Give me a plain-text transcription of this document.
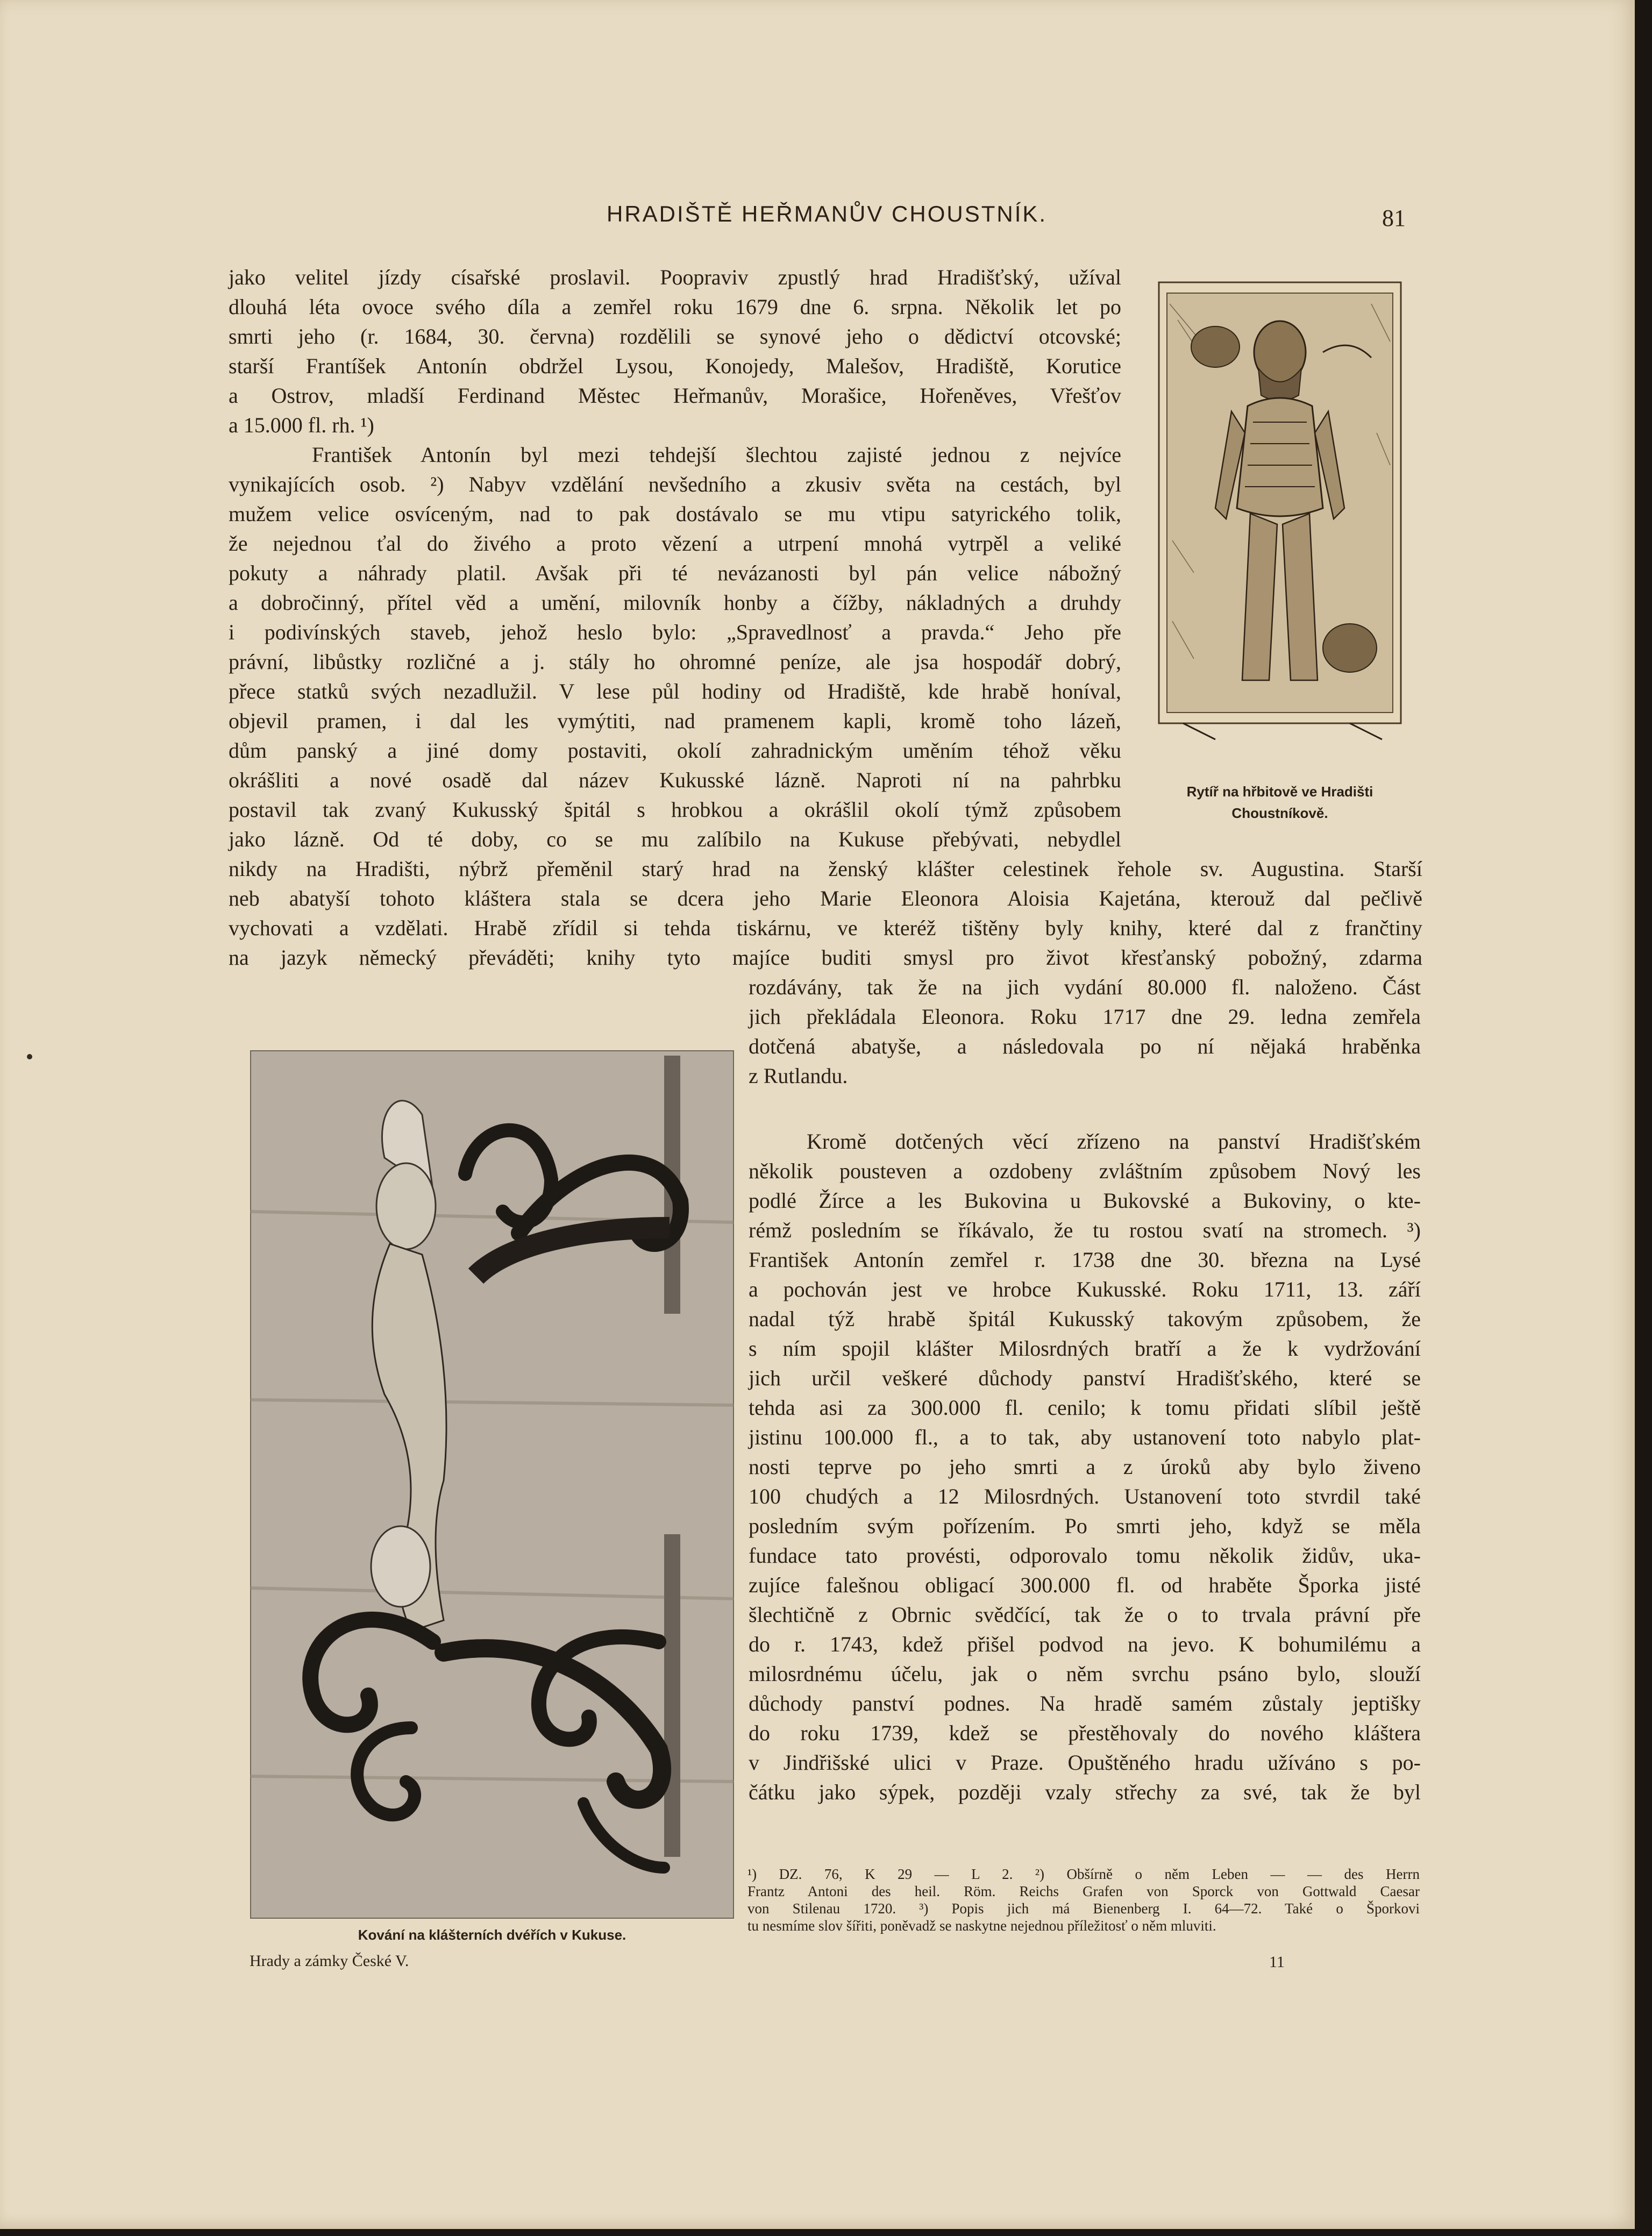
HRADIŠTĚ HEŘMANŮV CHOUSTNÍK.	81
jako velitel jízdy císařské proslavil. Poopraviv zpustlý hrad Hradišťský, užíval
dlouhá léta ovoce svého díla a zemřel roku 1679 dne 6. srpna. Několik let po
smrti jeho (r. 1684, 30. června) rozdělili se synové jeho o dědictví otcovské;
starší Frantíšek Antonín obdržel Lysou, Konojedy, Malešov, Hradiště, Korutice
a Ostrov, mladší Ferdinand Městec Heřmanův, Morašice, Hořeněves, Vřešťov
a 15.000 fl. rh. ¹)
František Antonín byl mezi tehdejší šlechtou zajisté jednou z nejvíce
vynikajících osob. ²) Nabyv vzdělání nevšedního a zkusiv světa na cestách, byl
mužem velice osvíceným, nad to pak dostávalo se mu vtipu satyrického tolik,
že nejednou ťal do živého a proto vězení a utrpení mnohá vytrpěl a veliké
pokuty a náhrady platil. Avšak při té nevázanosti byl pán velice nábožný
a dobročinný, přítel věd a umění, milovník honby a čížby, nákladných a druhdy
i podivínských staveb, jehož heslo bylo: „Spravedlnosť a pravda.“ Jeho pře
právní, libůstky rozličné a j. stály ho ohromné peníze, ale jsa hospodář dobrý,
přece statků svých nezadlužil. V lese půl hodiny od Hradiště, kde hrabě honíval,
objevil pramen, i dal les vymýtiti, nad pramenem kapli, kromě toho lázeň,
dům panský a jiné domy postaviti, okolí zahradnickým uměním téhož věku
okrášliti a nové osadě dal název Kukusské lázně. Naproti ní na pahrbku
postavil tak zvaný Kukusský špitál s hrobkou a okrášlil okolí týmž způsobem
jako lázně. Od té doby, co se mu zalíbilo na Kukuse přebývati, nebydlel
nikdy na Hradišti, nýbrž přeměnil starý hrad na ženský klášter celestinek řehole sv. Augustina. Starší
neb abatyší tohoto kláštera stala se dcera jeho Marie Eleonora Aloisia Kajetána, kterouž dal pečlivě
vychovati a vzdělati. Hrabě zřídil si tehda tiskárnu, ve kteréž tištěny byly knihy, které dal z frančtiny
na jazyk německý převáděti; knihy tyto majíce buditi smysl pro život křesťanský pobožný, zdarma
rozdávány, tak že na jich vydání 80.000 fl. naloženo. Část
jich překládala Eleonora. Roku 1717 dne 29. ledna zemřela
dotčená abatyše, a následovala po ní nějaká hraběnka
z Rutlandu.
Kromě dotčených věcí zřízeno na panství Hradišťském
několik pousteven a ozdobeny zvláštním způsobem Nový les
podlé Žírce a les Bukovina u Bukovské a Bukoviny, o kte-
rémž posledním se říkávalo, že tu rostou svatí na stromech. ³)
František Antonín zemřel r. 1738 dne 30. března na Lysé
a pochován jest ve hrobce Kukusské. Roku 1711, 13. září
nadal týž hrabě špitál Kukusský takovým způsobem, že
s ním spojil klášter Milosrdných bratří a že k vydržování
jich určil veškeré důchody panství Hradišťského, které se
tehda asi za 300.000 fl. cenilo; k tomu přidati slíbil ještě
jistinu 100.000 fl., a to tak, aby ustanovení toto nabylo plat-
nosti teprve po jeho smrti a z úroků aby bylo živeno
100 chudých a 12 Milosrdných. Ustanovení toto stvrdil také
posledním svým pořízením. Po smrti jeho, když se měla
fundace tato provésti, odporovalo tomu několik židův, uka-
zujíce falešnou obligací 300.000 fl. od hraběte Šporka jisté
šlechtičně z Obrnic svědčící, tak že o to trvala právní pře
do r. 1743, kdež přišel podvod na jevo. K bohumilému a
milosrdnému účelu, jak o něm svrchu psáno bylo, slouží
důchody panství podnes. Na hradě samém zůstaly jeptišky
do roku 1739, kdež se přestěhovaly do nového kláštera
v Jindřišské ulici v Praze. Opuštěného hradu užíváno s po-
čátku jako sýpek, později vzaly střechy za své, tak že byl
Rytíř na hřbitově ve Hradišti
Choustníkově.
Kování na klášterních dvéřích v Kukuse.
Hrady a zámky České V.
¹) DZ. 76, K 29 — L 2. ²) Obšírně o něm Leben — — des Herrn
Frantz Antoni des heil. Röm. Reichs Grafen von Sporck von Gottwald Caesar
von Stilenau 1720. ³) Popis jich má Bienenberg I. 64—72. Také o Šporkovi
tu nesmíme slov šířiti, poněvadž se naskytne nejednou příležitosť o něm mluviti.
11
